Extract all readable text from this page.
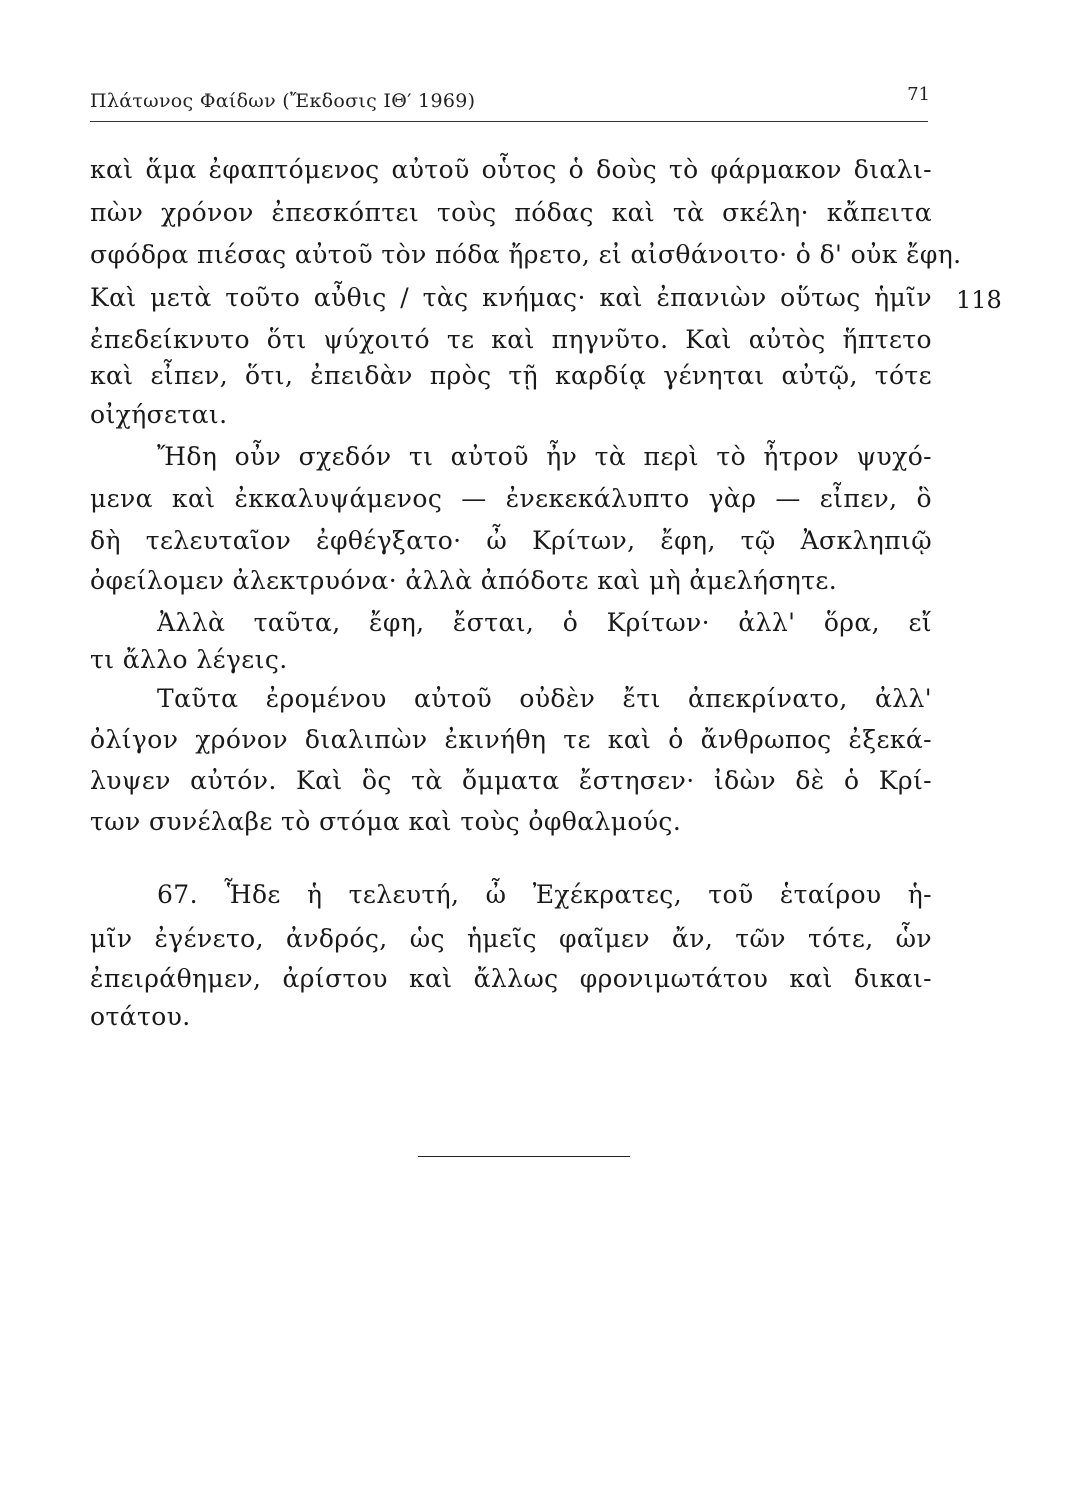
Πλάτωνος Φαίδων (Ἔκδοσις ΙΘ′ 1969)	71
καὶ ἅμα ἐφαπτόμενος αὐτοῦ οὗτος ὁ δοὺς τὸ φάρμακον διαλι-
πὼν χρόνον ἐπεσκόπτει τοὺς πόδας καὶ τὰ σκέλη· κἄπειτα
σφόδρα πιέσας αὐτοῦ τὸν πόδα ἤρετο, εἰ αἰσθάνοιτο· ὁ δ' οὐκ ἔφη.
Καὶ μετὰ τοῦτο αὖθις / τὰς κνήμας· καὶ ἐπανιὼν οὕτως ἡμῖν 118
ἐπεδείκνυτο ὅτι ψύχοιτό τε καὶ πηγνῦτο. Καὶ αὐτὸς ἥπτετο
καὶ εἶπεν, ὅτι, ἐπειδὰν πρὸς τῇ καρδίᾳ γένηται αὐτῷ, τότε
οἰχήσεται.
Ἤδη οὖν σχεδόν τι αὐτοῦ ἦν τὰ περὶ τὸ ἦτρον ψυχό-
μενα καὶ ἐκκαλυψάμενος — ἐνεκεκάλυπτο γὰρ — εἶπεν, ὃ
δὴ τελευταῖον ἐφθέγξατο· ὦ Κρίτων, ἔφη, τῷ Ἀσκληπιῷ
ὀφείλομεν ἀλεκτρυόνα· ἀλλὰ ἀπόδοτε καὶ μὴ ἀμελήσητε.
Ἀλλὰ ταῦτα, ἔφη, ἔσται, ὁ Κρίτων· ἀλλ' ὅρα, εἴ
τι ἄλλο λέγεις.
Ταῦτα ἐρομένου αὐτοῦ οὐδὲν ἔτι ἀπεκρίνατο, ἀλλ'
ὀλίγον χρόνον διαλιπὼν ἐκινήθη τε καὶ ὁ ἄνθρωπος ἐξεκά-
λυψεν αὐτόν. Καὶ ὃς τὰ ὄμματα ἔστησεν· ἰδὼν δὲ ὁ Κρί-
των συνέλαβε τὸ στόμα καὶ τοὺς ὀφθαλμούς.
67. Ἧδε ἡ τελευτή, ὦ Ἐχέκρατες, τοῦ ἑταίρου ἡ-
μῖν ἐγένετο, ἀνδρός, ὡς ἡμεῖς φαῖμεν ἄν, τῶν τότε, ὧν
ἐπειράθημεν, ἀρίστου καὶ ἄλλως φρονιμωτάτου καὶ δικαι-
οτάτου.
